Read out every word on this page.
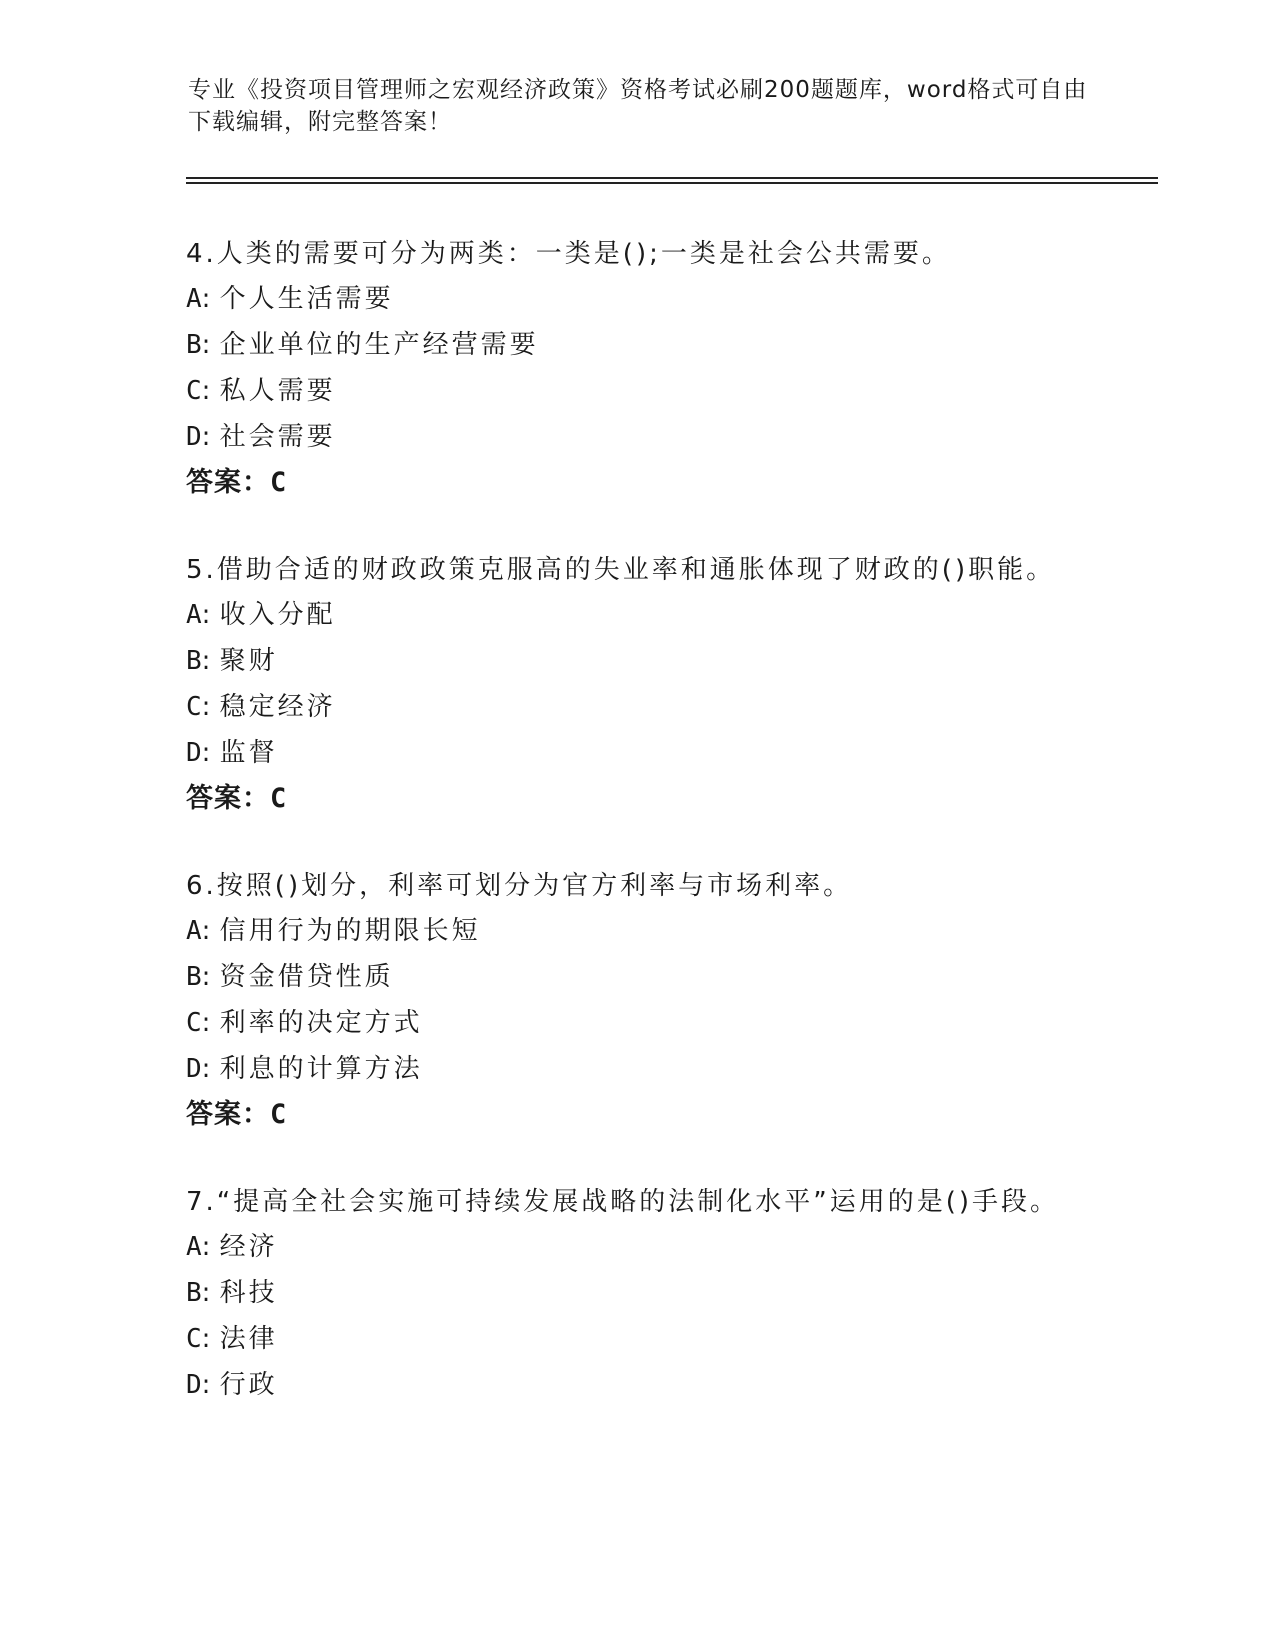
专业《投资项目管理师之宏观经济政策》资格考试必刷200题题库，word格式可自由下载编辑，附完整答案！
4.人类的需要可分为两类：一类是();一类是社会公共需要。
A: 个人生活需要
B: 企业单位的生产经营需要
C: 私人需要
D: 社会需要
答案：C
5.借助合适的财政政策克服高的失业率和通胀体现了财政的()职能。
A: 收入分配
B: 聚财
C: 稳定经济
D: 监督
答案：C
6.按照()划分，利率可划分为官方利率与市场利率。
A: 信用行为的期限长短
B: 资金借贷性质
C: 利率的决定方式
D: 利息的计算方法
答案：C
7.“提高全社会实施可持续发展战略的法制化水平”运用的是()手段。
A: 经济
B: 科技
C: 法律
D: 行政
